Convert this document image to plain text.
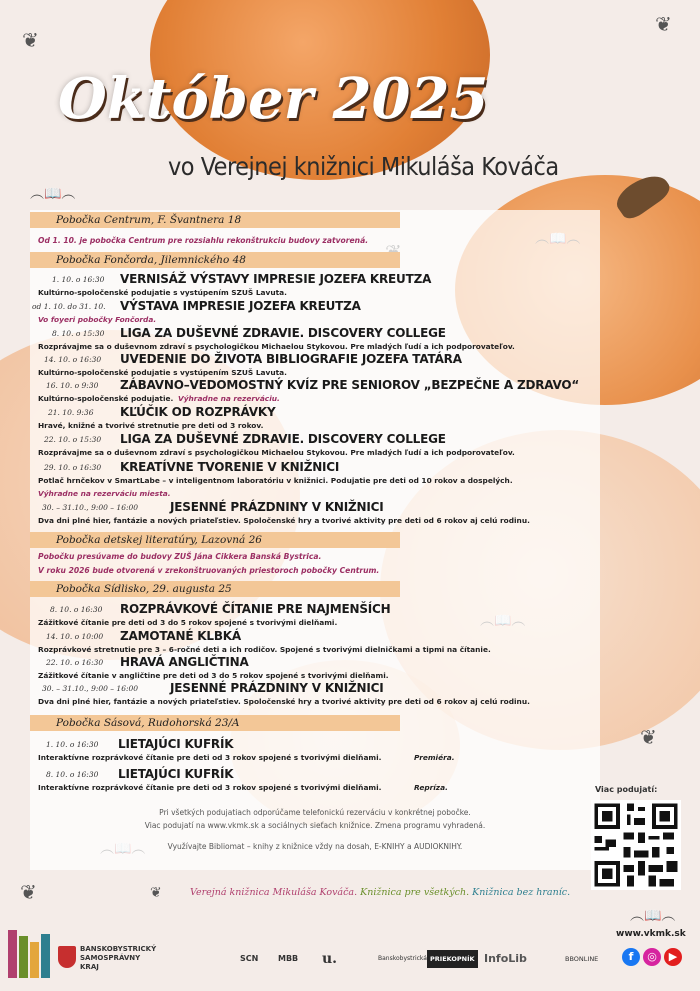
❦
❦
❦
❦	❦
︵📖︵
︵📖︵
Október 2025
vo Verejnej knižnici Mikuláša Kováča
Pobočka Centrum, F. Švantnera 18
Od 1. 10. je pobočka Centrum pre rozsiahlu rekonštrukciu budovy zatvorená.
Pobočka Fončorda, Jilemnického 48
1. 10. o 16:30 VERNISÁŽ VÝSTAVY IMPRESIE JOZEFA KREUTZA
Kultúrno-spoločenské podujatie s vystúpením SZUŠ Lavuta.
od 1. 10. do 31. 10. VÝSTAVA IMPRESIE JOZEFA KREUTZA
Vo foyeri pobočky Fončorda.
8. 10. o 15:30 LIGA ZA DUŠEVNÉ ZDRAVIE. DISCOVERY COLLEGE
Rozprávajme sa o duševnom zdraví s psychologičkou Michaelou Stykovou. Pre mladých ľudí a ich podporovateľov.
14. 10. o 16:30 UVEDENIE DO ŽIVOTA BIBLIOGRAFIE JOZEFA TATÁRA
Kultúrno-spoločenské podujatie s vystúpením SZUŠ Lavuta.
16. 10. o 9:30 ZÁBAVNO–VEDOMOSTNÝ KVÍZ PRE SENIOROV „BEZPEČNE A ZDRAVO“
Kultúrno-spoločenské podujatie. Výhradne na rezerváciu.
21. 10. 9:36 KĽÚČIK OD ROZPRÁVKY
Hravé, knižné a tvorivé stretnutie pre deti od 3 rokov.
22. 10. o 15:30 LIGA ZA DUŠEVNÉ ZDRAVIE. DISCOVERY COLLEGE
Rozprávajme sa o duševnom zdraví s psychologičkou Michaelou Stykovou. Pre mladých ľudí a ich podporovateľov.
29. 10. o 16:30 KREATÍVNE TVORENIE V KNIŽNICI
Potlač hrnčekov v SmartLabe – v inteligentnom laboratóriu v knižnici. Podujatie pre deti od 10 rokov a dospelých.
Výhradne na rezerváciu miesta.
30. – 31.10., 9:00 – 16:00	JESENNÉ PRÁZDNINY V KNIŽNICI
Dva dni plné hier, fantázie a nových priateľstiev. Spoločenské hry a tvorivé aktivity pre deti od 6 rokov aj celú rodinu.
Pobočka detskej literatúry, Lazovná 26
Pobočku presúvame do budovy ZUŠ Jána Cikkera Banská Bystrica.
V roku 2026 bude otvorená v zrekonštruovaných priestoroch pobočky Centrum.
Pobočka Sídlisko, 29. augusta 25
8. 10. o 16:30 ROZPRÁVKOVÉ ČÍTANIE PRE NAJMENŠÍCH
Zážitkové čítanie pre deti od 3 do 5 rokov spojené s tvorivými dielňami.
14. 10. o 10:00 ZAMOTANÉ KLBKÁ
Rozprávkové stretnutie pre 3 – 6-ročné deti a ich rodičov. Spojené s tvorivými dielničkami a tipmi na čítanie.
22. 10. o 16:30 HRAVÁ ANGLIČTINA
Zážitkové čítanie v angličtine pre deti od 3 do 5 rokov spojené s tvorivými dielňami.
30. – 31.10., 9:00 – 16:00	JESENNÉ PRÁZDNINY V KNIŽNICI
Dva dni plné hier, fantázie a nových priateľstiev. Spoločenské hry a tvorivé aktivity pre deti od 6 rokov aj celú rodinu.
Pobočka Sásová, Rudohorská 23/A
1. 10. o 16:30 LIETAJÚCI KUFRÍK
Interaktívne rozprávkové čítanie pre deti od 3 rokov spojené s tvorivými dielňami.	Premiéra.
8. 10. o 16:30 LIETAJÚCI KUFRÍK
Interaktívne rozprávkové čítanie pre deti od 3 rokov spojené s tvorivými dielňami.	Repríza.
Pri všetkých podujatiach odporúčame telefonickú rezerváciu v konkrétnej pobočke.
Viac podujatí na www.vkmk.sk a sociálnych sieťach knižnice. Zmena programu vyhradená.
Využívajte Bibliomat – knihy z knižnice vždy na dosah, E-KNIHY a AUDIOKNIHY.
Viac podujatí:
Verejná knižnica Mikuláša Kováča. Knižnica pre všetkých. Knižnica bez hraníc.
www.vkmk.sk
f	◎	▶
BANSKOBYSTRICKÝ SAMOSPRÁVNY KRAJ
SCN MBB u.	Banskobystrická PRIEKOPNÍK InfoLib	BBONLINE
